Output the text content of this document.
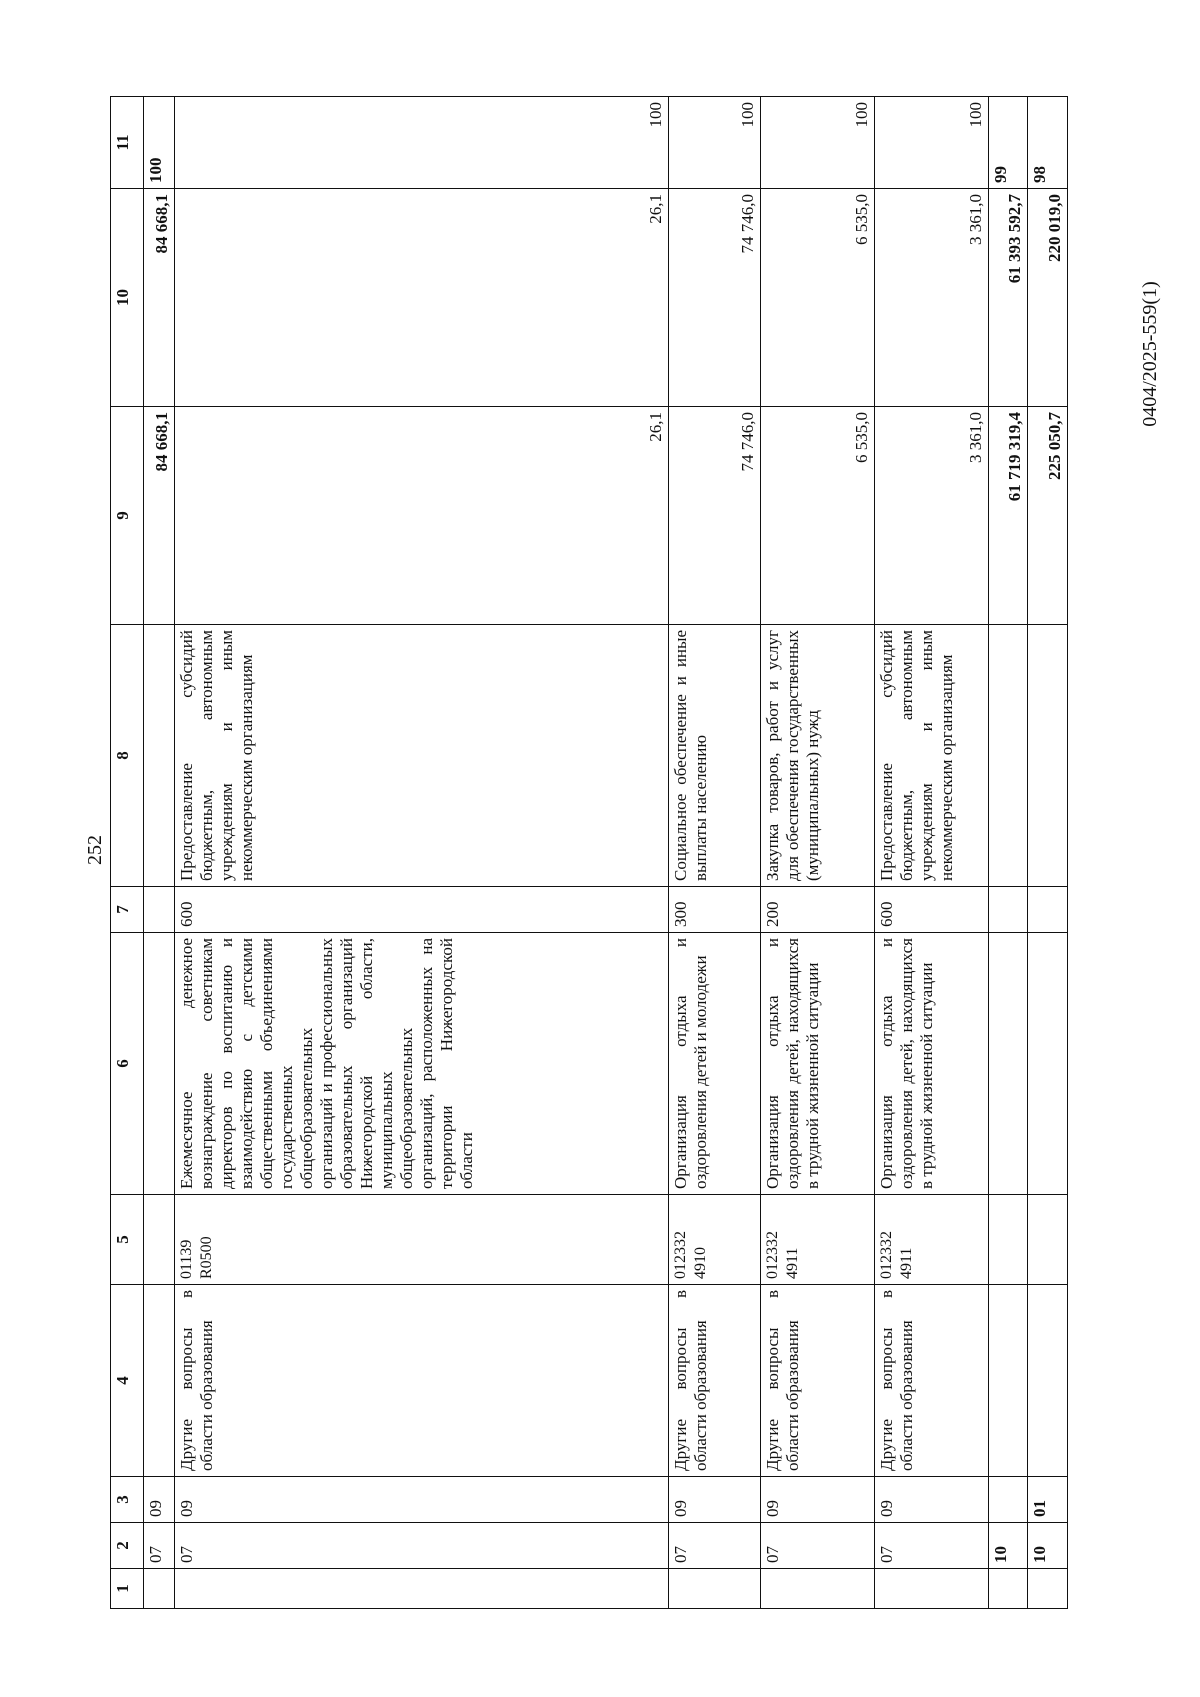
252
1	2	3	4	5	6	7	8	9	10	11
	07	09						84 668,1	84 668,1	100
	07	09	Другие вопросы в области образования	01139 R0500	Ежемесячное денежное вознаграждение советникам директоров по воспитанию и взаимодействию с детскими общественными объединениями государственных общеобразовательных организаций и профессиональных образовательных организаций Нижегородской области, муниципальных общеобразовательных организаций, расположенных на территории Нижегородской области	600	Предоставление субсидий бюджетным, автономным учреждениям и иным некоммерческим организациям	26,1	26,1	100
	07	09	Другие вопросы в области образования	012332 4910	Организация отдыха и оздоровления детей и молодежи	300	Социальное обеспечение и иные выплаты населению	74 746,0	74 746,0	100
	07	09	Другие вопросы в области образования	012332 4911	Организация отдыха и оздоровления детей, находящихся в трудной жизненной ситуации	200	Закупка товаров, работ и услуг для обеспечения государственных (муниципальных) нужд	6 535,0	6 535,0	100
	07	09	Другие вопросы в области образования	012332 4911	Организация отдыха и оздоровления детей, находящихся в трудной жизненной ситуации	600	Предоставление субсидий бюджетным, автономным учреждениям и иным некоммерческим организациям	3 361,0	3 361,0	100
	10							61 719 319,4	61 393 592,7	99
	10	01						225 050,7	220 019,0	98
0404/2025-559(1)
